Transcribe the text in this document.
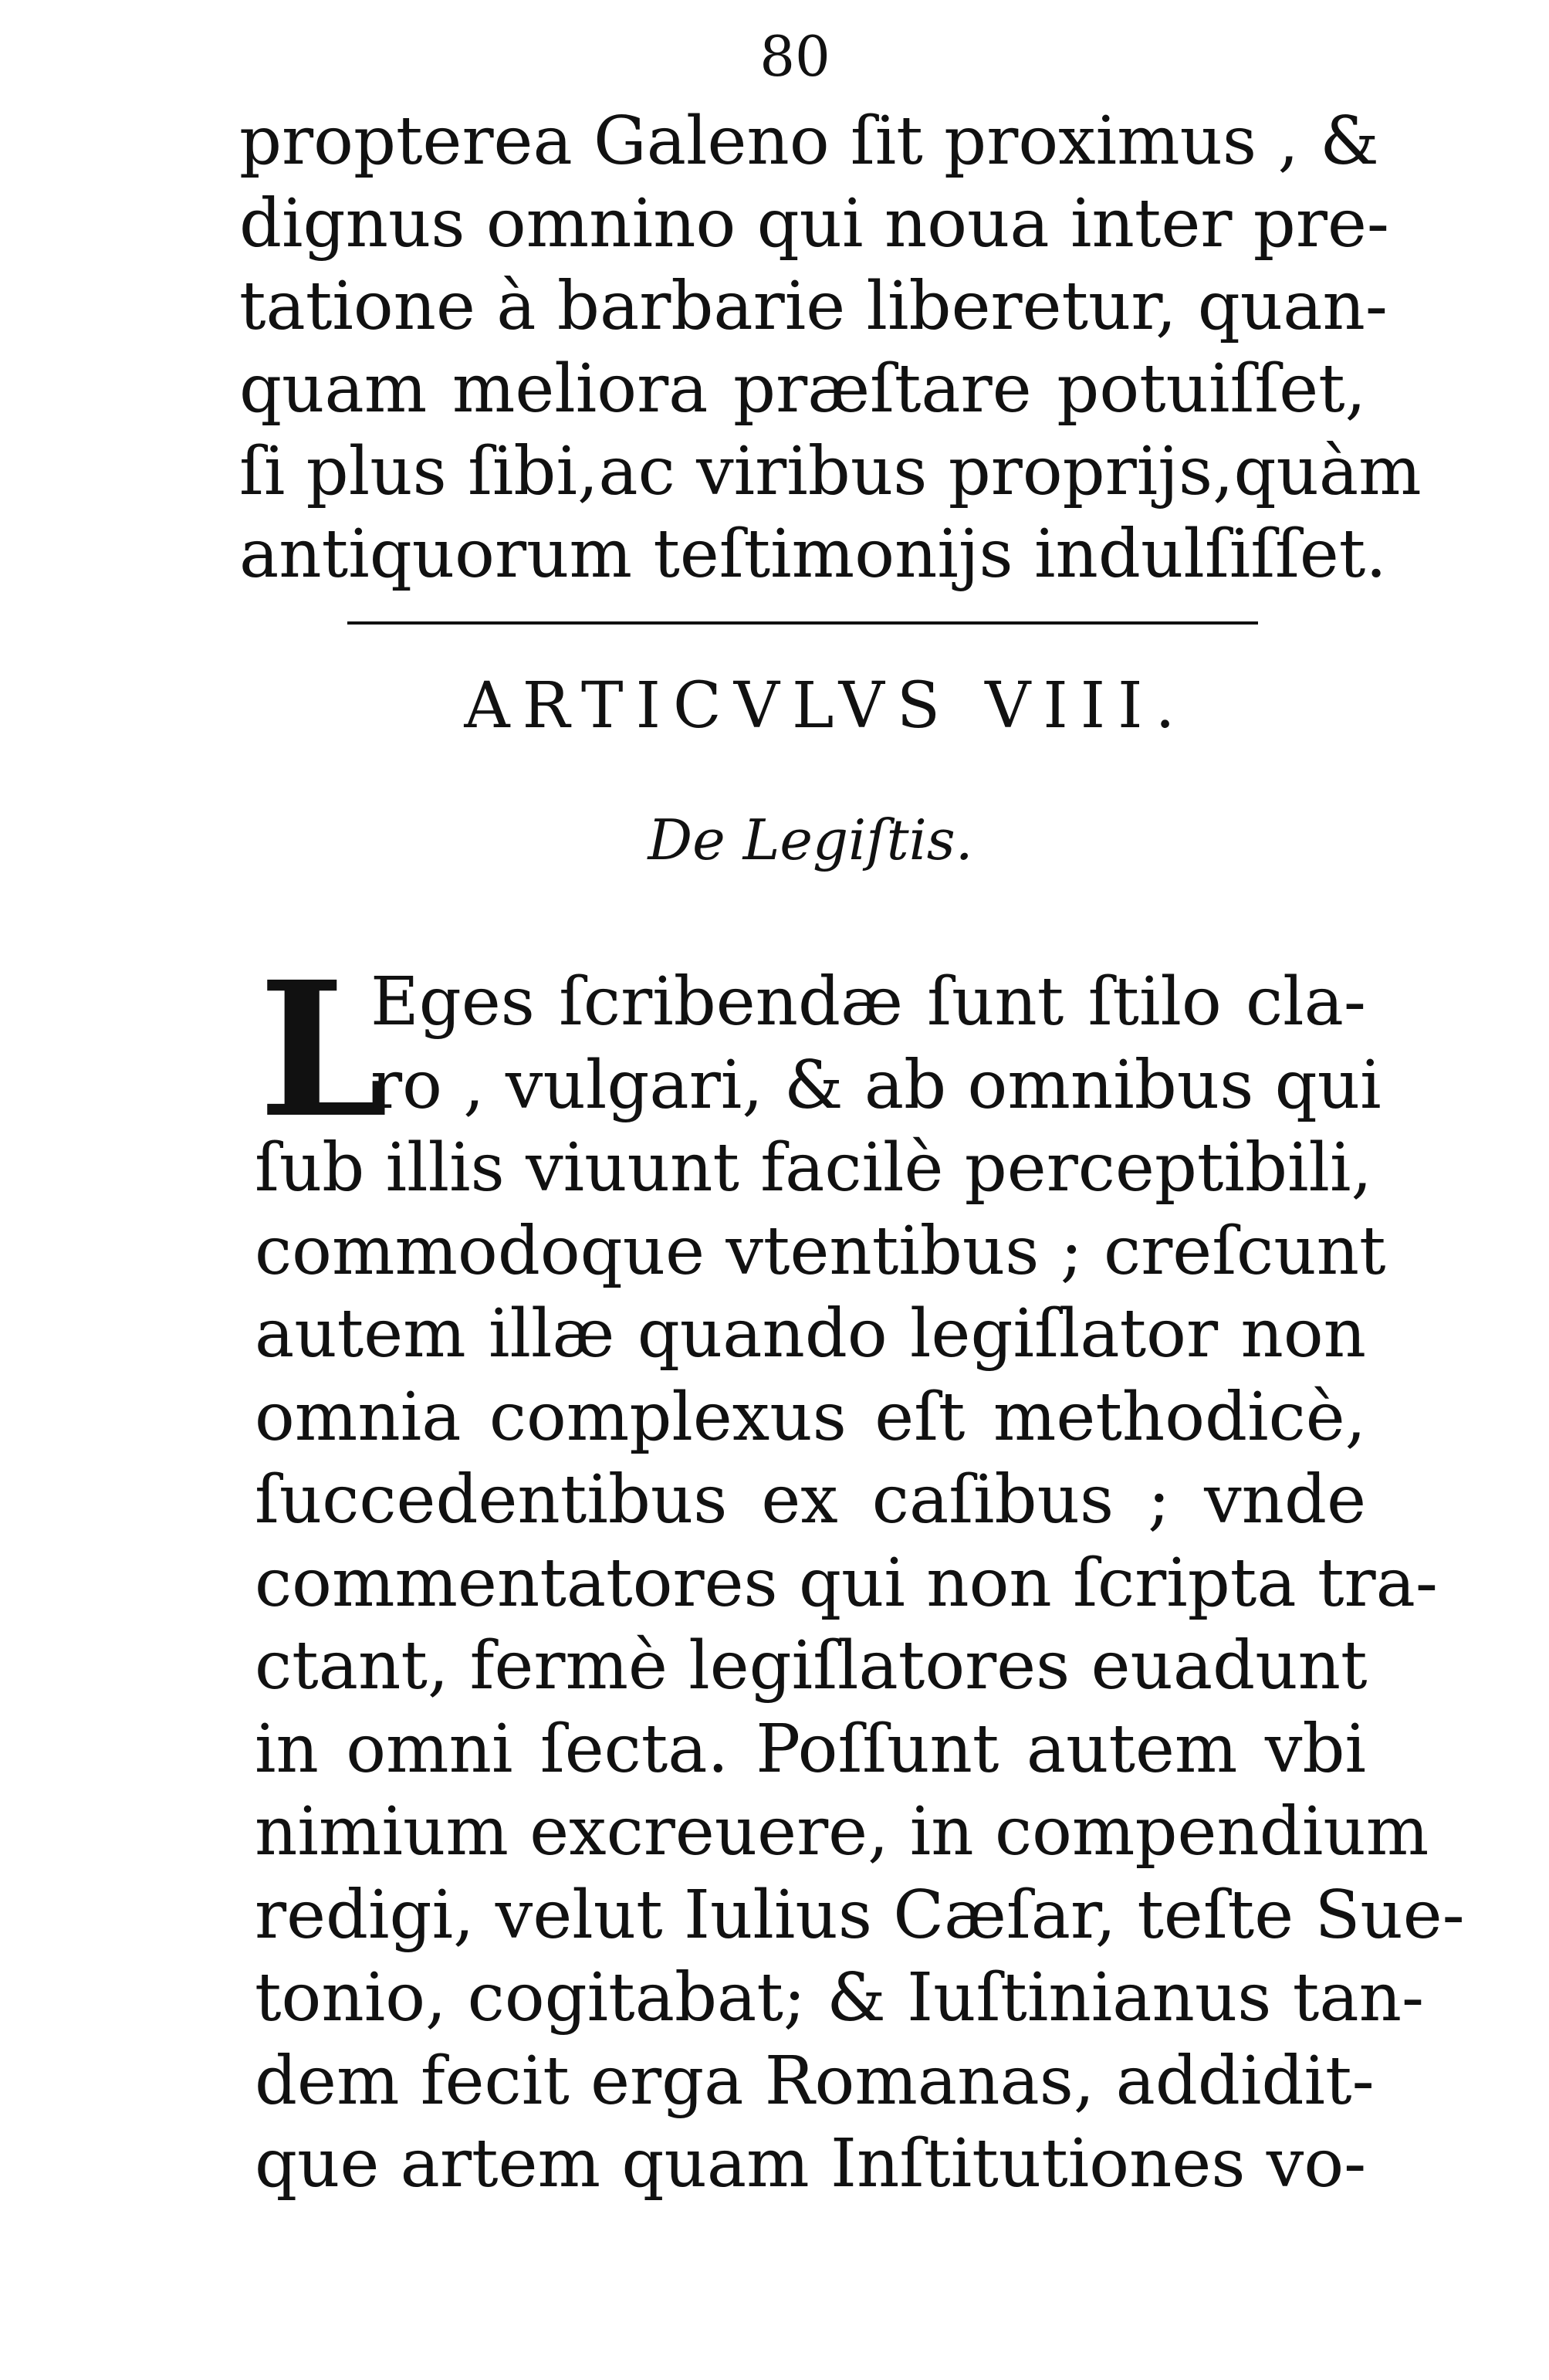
80
propterea Galeno ſit proximus , &
dignus omnino qui noua inter pre-
tatione à barbarie liberetur, quan-
quam meliora præſtare potuiſſet,
ſi plus ſibi,ac viribus proprijs,quàm
antiquorum teſtimonijs indulſiſſet.
ARTICVLVS VIII.
De Legiſtis.
L
Eges ſcribendæ ſunt ſtilo cla-
ro , vulgari, & ab omnibus qui
ſub illis viuunt facilè perceptibili,
commodoque vtentibus ; creſcunt
autem illæ quando legiſlator non
omnia complexus eſt methodicè,
ſuccedentibus ex caſibus ; vnde
commentatores qui non ſcripta tra-
ctant, fermè legiſlatores euadunt
in omni ſecta. Poſſunt autem vbi
nimium excreuere, in compendium
redigi, velut Iulius Cæſar, teſte Sue-
tonio, cogitabat; & Iuſtinianus tan-
dem fecit erga Romanas, addidit-
que artem quam Inſtitutiones vo-
